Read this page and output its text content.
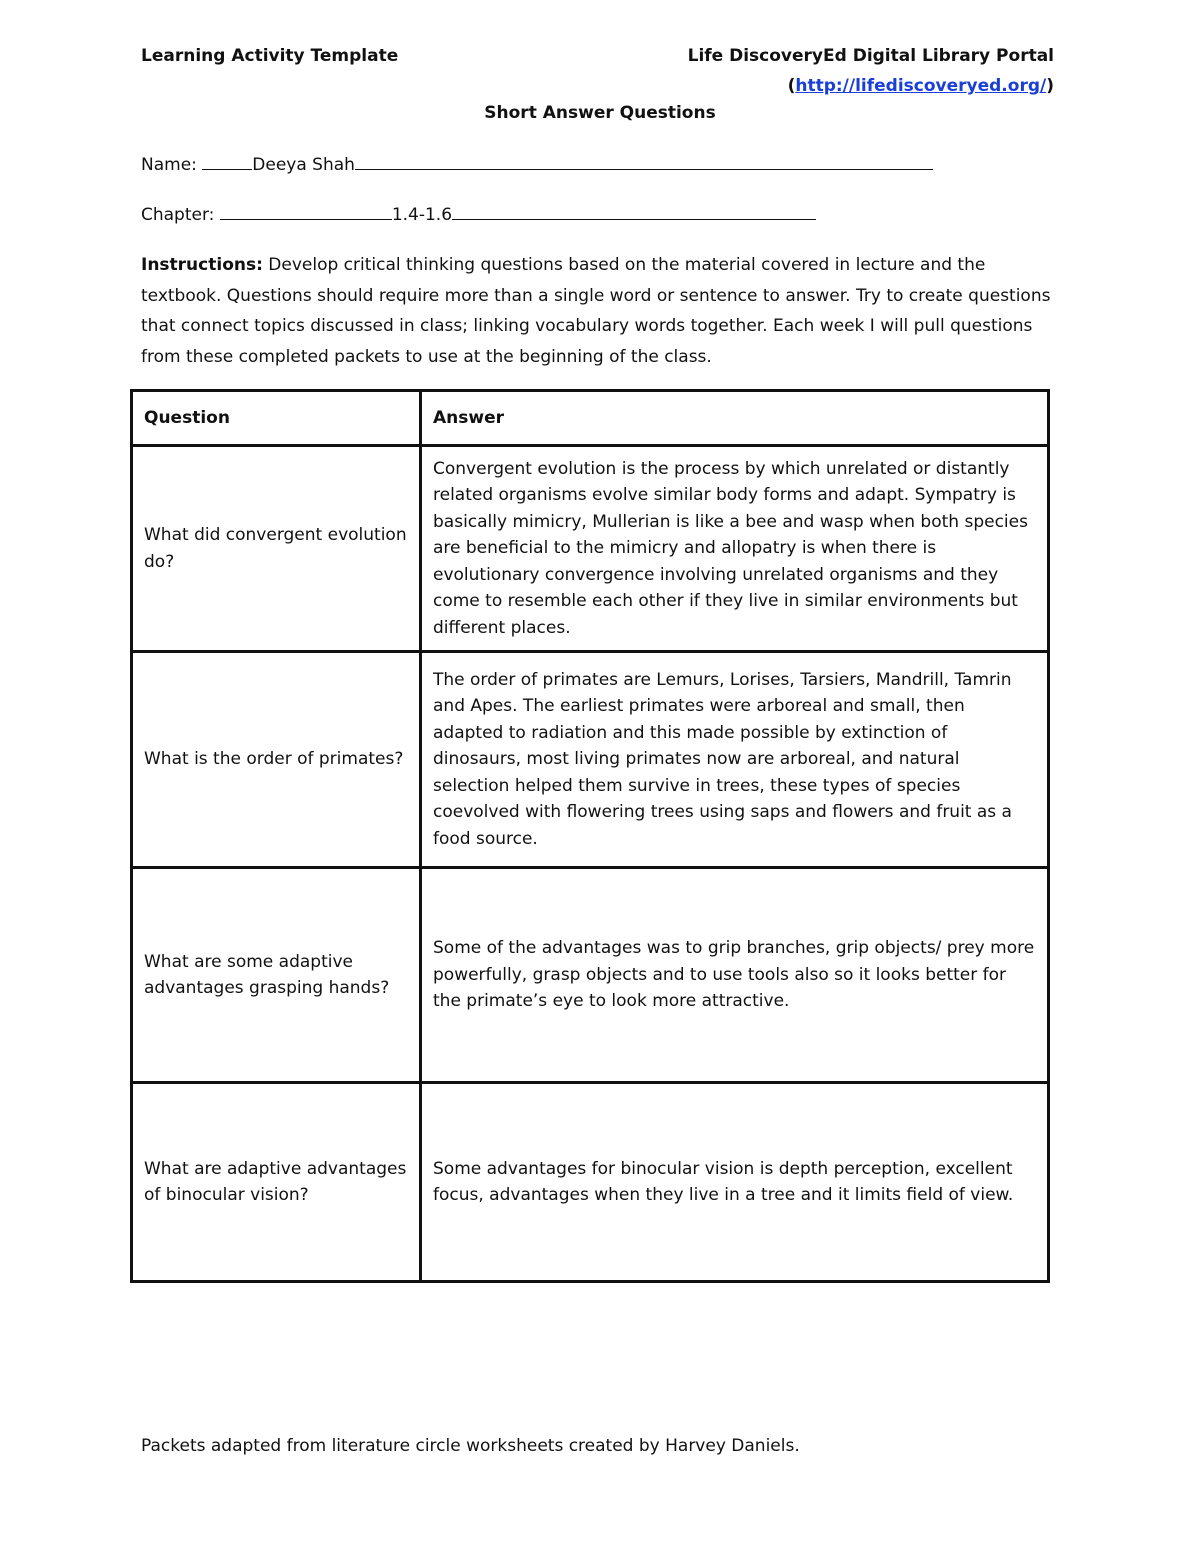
Learning Activity Template	Life DiscoveryEd Digital Library Portal
(http://lifediscoveryed.org/)
Short Answer Questions
Name:	Deeya Shah
Chapter:	1.4-1.6
Instructions: Develop critical thinking questions based on the material covered in lecture and the textbook. Questions should require more than a single word or sentence to answer. Try to create questions that connect topics discussed in class; linking vocabulary words together. Each week I will pull questions from these completed packets to use at the beginning of the class.
Question	Answer
What did convergent evolution do?	Convergent evolution is the process by which unrelated or distantly related organisms evolve similar body forms and adapt. Sympatry is basically mimicry, Mullerian is like a bee and wasp when both species are beneficial to the mimicry and allopatry is when there is evolutionary convergence involving unrelated organisms and they come to resemble each other if they live in similar environments but different places.
What is the order of primates?	The order of primates are Lemurs, Lorises, Tarsiers, Mandrill, Tamrin and Apes. The earliest primates were arboreal and small, then adapted to radiation and this made possible by extinction of dinosaurs, most living primates now are arboreal, and natural selection helped them survive in trees, these types of species coevolved with flowering trees using saps and flowers and fruit as a food source.
What are some adaptive advantages grasping hands?	Some of the advantages was to grip branches, grip objects/ prey more powerfully, grasp objects and to use tools also so it looks better for the primate’s eye to look more attractive.
What are adaptive advantages of binocular vision?	Some advantages for binocular vision is depth perception, excellent focus, advantages when they live in a tree and it limits field of view.
Packets adapted from literature circle worksheets created by Harvey Daniels.
